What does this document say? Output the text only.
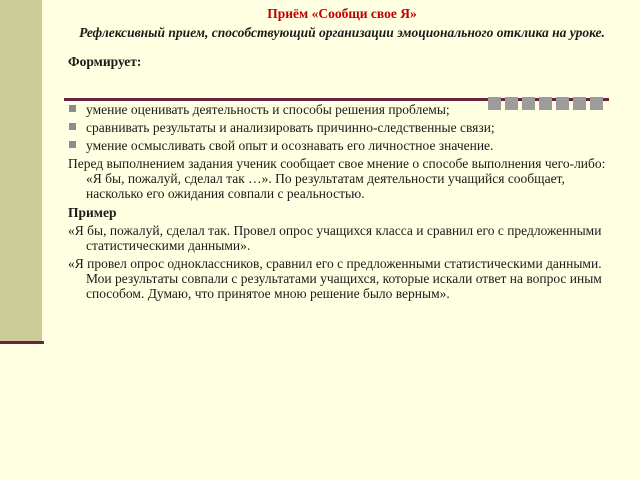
Приём «Сообщи свое Я»

Рефлексивный прием, способствующий организации эмоционального отклика на уроке.

Формирует:

умение оценивать деятельность и способы решения проблемы;
сравнивать результаты и анализировать причинно-следственные связи;
умение осмысливать свой опыт и осознавать его личностное значение.

Перед выполнением задания ученик сообщает свое мнение о способе выполнения чего-либо: «Я бы, пожалуй, сделал так …». По результатам деятельности учащийся сообщает, насколько его ожидания совпали с реальностью.

Пример

«Я бы, пожалуй, сделал так. Провел опрос учащихся класса и сравнил его с предложенными статистическими данными».

«Я провел опрос одноклассников, сравнил его с предложенными статистическими данными. Мои результаты совпали с результатами учащихся, которые искали ответ на вопрос иным способом. Думаю, что принятое мною решение было верным».
